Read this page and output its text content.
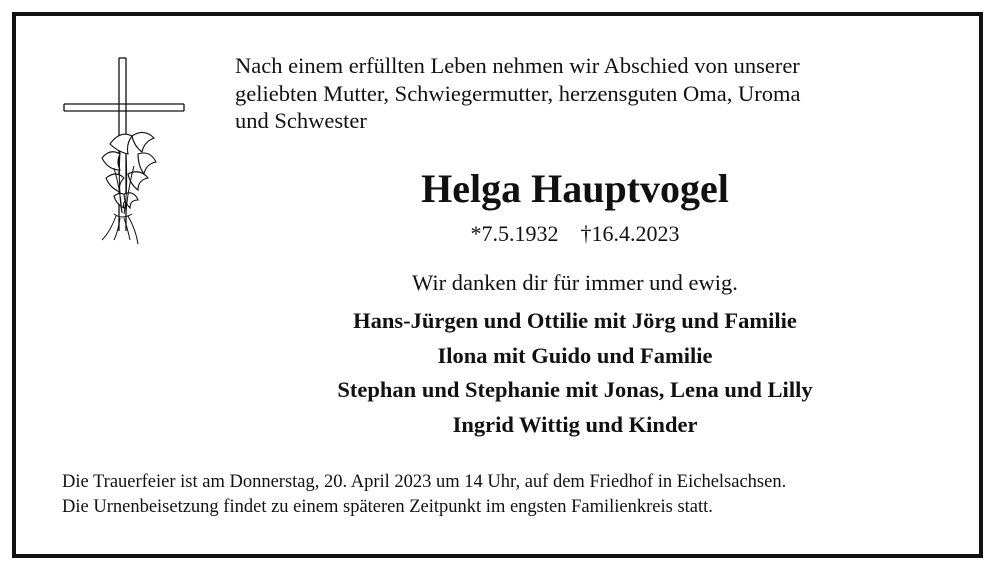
Nach einem erfüllten Leben nehmen wir Abschied von unserer
geliebten Mutter, Schwiegermutter, herzensguten Oma, Uroma
und Schwester
Helga Hauptvogel
*7.5.1932 †16.4.2023
Wir danken dir für immer und ewig.
Hans-Jürgen und Ottilie mit Jörg und Familie
Ilona mit Guido und Familie
Stephan und Stephanie mit Jonas, Lena und Lilly
Ingrid Wittig und Kinder
Die Trauerfeier ist am Donnerstag, 20. April 2023 um 14 Uhr, auf dem Friedhof in Eichelsachsen.
Die Urnenbeisetzung findet zu einem späteren Zeitpunkt im engsten Familienkreis statt.
